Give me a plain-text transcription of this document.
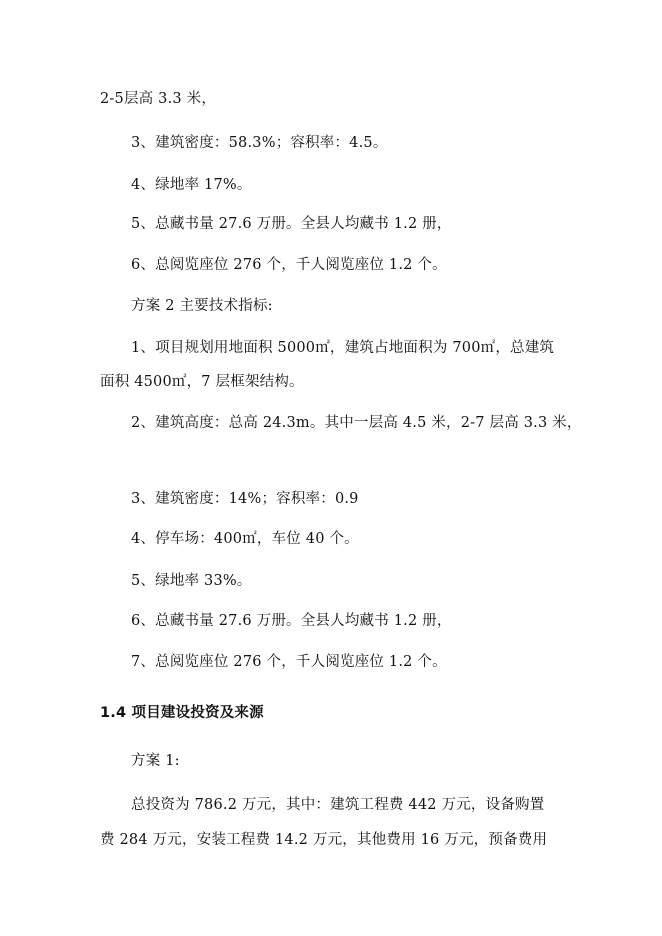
2-5层高 3.3 米，
3、建筑密度：58.3%；容积率：4.5。
4、绿地率 17%。
5、总藏书量 27.6 万册。全县人均藏书 1.2 册，
6、总阅览座位 276 个，千人阅览座位 1.2 个。
方案 2 主要技术指标:
1、项目规划用地面积 5000㎡，建筑占地面积为 700㎡，总建筑
面积 4500㎡，7 层框架结构。
2、建筑高度：总高 24.3m。其中一层高 4.5 米，2-7 层高 3.3 米，
3、建筑密度：14%；容积率：0.9
4、停车场：400㎡，车位 40 个。
5、绿地率 33%。
6、总藏书量 27.6 万册。全县人均藏书 1.2 册，
7、总阅览座位 276 个，千人阅览座位 1.2 个。
1.4 项目建设投资及来源
方案 1:
总投资为 786.2 万元，其中：建筑工程费 442 万元，设备购置
费 284 万元，安装工程费 14.2 万元，其他费用 16 万元，预备费用
